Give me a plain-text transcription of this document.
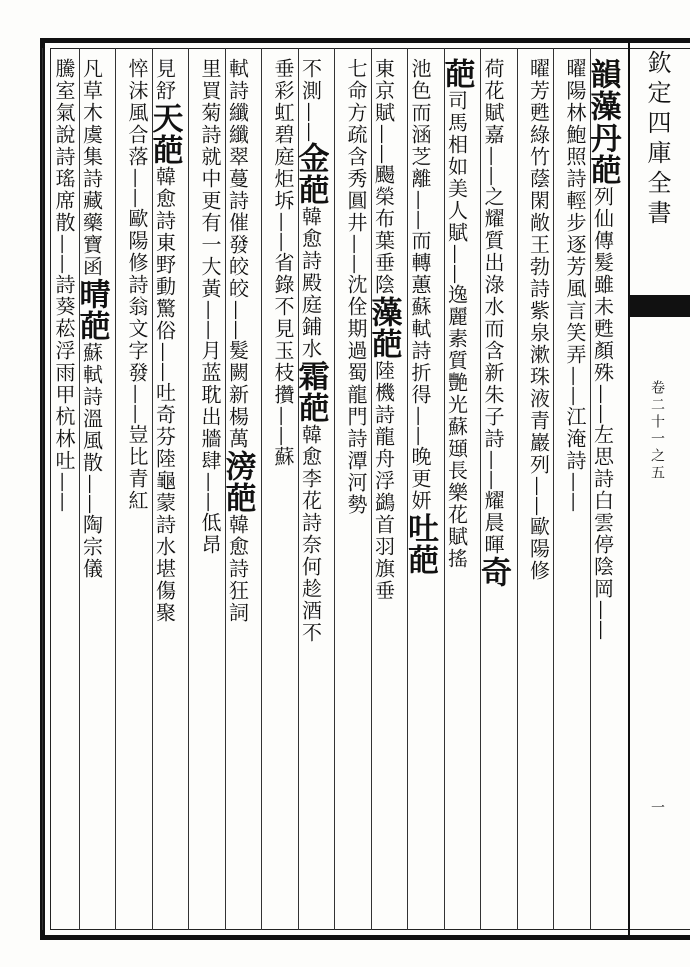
欽定四庫全書
卷二十一之五
一
韻藻丹葩列仙傳髮雖未甦顏殊——左思詩白雲停陰岡——
曜陽林鮑照詩輕步逐芳風言笑弄——江淹詩——
曜芳甦綠竹蔭閑敞王勃詩紫泉漱珠液青巖列——歐陽修
荷花賦嘉——之耀質出淥水而含新朱子詩——耀晨暉奇
葩司馬相如美人賦——逸麗素質艷光蘇頲長樂花賦搖
池色而涵芝離——而轉蕙蘇軾詩折得——晚更妍吐葩
東京賦——颺榮布葉垂陰藻葩陸機詩龍舟浮鷁首羽旗垂
七命方疏含秀圓井——沈佺期過蜀龍門詩潭河勢
不測——金葩韓愈詩殿庭鋪水霜葩韓愈李花詩奈何趁酒不
垂彩虹碧庭炬坼——省錄不見玉枝攢——蘇
軾詩纖纖翠蔓詩催發皎皎——髮闕新楊萬滂葩韓愈詩狂詞
里買菊詩就中更有一大黃——月蓝耽出牆肆——低昂
見舒天葩韓愈詩東野動驚俗——吐奇芬陸龜蒙詩水堪傷聚
悴沫風合落——歐陽修詩翁文字發——豈比青紅
凡草木虞集詩藏藥寶函晴葩蘇軾詩溫風散——陶宗儀
騰室氣說詩瑤席散——詩葵菘浮雨甲杭林吐——
